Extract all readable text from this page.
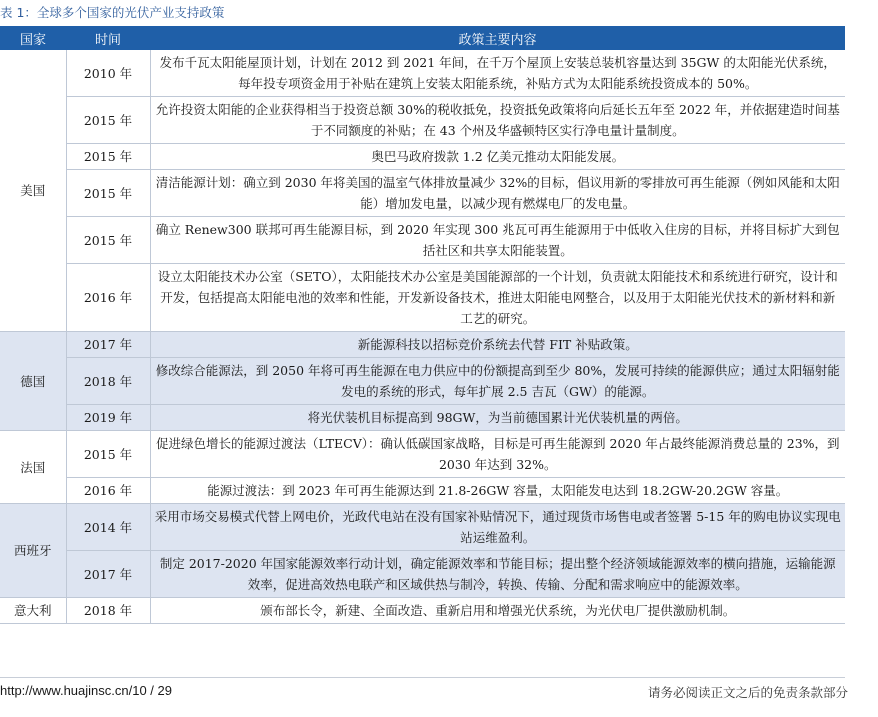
表 1：全球多个国家的光伏产业支持政策
国家	时间	政策主要内容
美国	2010 年	发布千瓦太阳能屋顶计划，计划在 2012 到 2021 年间，在千万个屋顶上安装总装机容量达到 35GW 的太阳能光伏系统，每年投专项资金用于补贴在建筑上安装太阳能系统，补贴方式为太阳能系统投资成本的 50%。
	2015 年	允许投资太阳能的企业获得相当于投资总额 30%的税收抵免，投资抵免政策将向后延长五年至 2022 年，并依据建造时间基于不同额度的补贴；在 43 个州及华盛顿特区实行净电量计量制度。
	2015 年	奥巴马政府拨款 1.2 亿美元推动太阳能发展。
	2015 年	清洁能源计划：确立到 2030 年将美国的温室气体排放量减少 32%的目标，倡议用新的零排放可再生能源（例如风能和太阳能）增加发电量，以减少现有燃煤电厂的发电量。
	2015 年	确立 Renew300 联邦可再生能源目标，到 2020 年实现 300 兆瓦可再生能源用于中低收入住房的目标，并将目标扩大到包括社区和共享太阳能装置。
	2016 年	设立太阳能技术办公室（SETO），太阳能技术办公室是美国能源部的一个计划，负责就太阳能技术和系统进行研究，设计和开发，包括提高太阳能电池的效率和性能，开发新设备技术，推进太阳能电网整合，以及用于太阳能光伏技术的新材料和新工艺的研究。
德国	2017 年	新能源科技以招标竞价系统去代替 FIT 补贴政策。
	2018 年	修改综合能源法，到 2050 年将可再生能源在电力供应中的份额提高到至少 80%，发展可持续的能源供应；通过太阳辐射能发电的系统的形式，每年扩展 2.5 吉瓦（GW）的能源。
	2019 年	将光伏装机目标提高到 98GW，为当前德国累计光伏装机量的两倍。
法国	2015 年	促进绿色增长的能源过渡法（LTECV）：确认低碳国家战略，目标是可再生能源到 2020 年占最终能源消费总量的 23%，到 2030 年达到 32%。
	2016 年	能源过渡法：到 2023 年可再生能源达到 21.8-26GW 容量，太阳能发电达到 18.2GW-20.2GW 容量。
西班牙	2014 年	采用市场交易模式代替上网电价，光政代电站在没有国家补贴情况下，通过现货市场售电或者签署 5-15 年的购电协议实现电站运维盈利。
	2017 年	制定 2017-2020 年国家能源效率行动计划，确定能源效率和节能目标；提出整个经济领域能源效率的横向措施，运输能源效率，促进高效热电联产和区域供热与制冷，转换、传输、分配和需求响应中的能源效率。
意大利	2018 年	颁布部长令，新建、全面改造、重新启用和增强光伏系统，为光伏电厂提供激励机制。
http://www.huajinsc.cn/10 / 29	请务必阅读正文之后的免责条款部分
